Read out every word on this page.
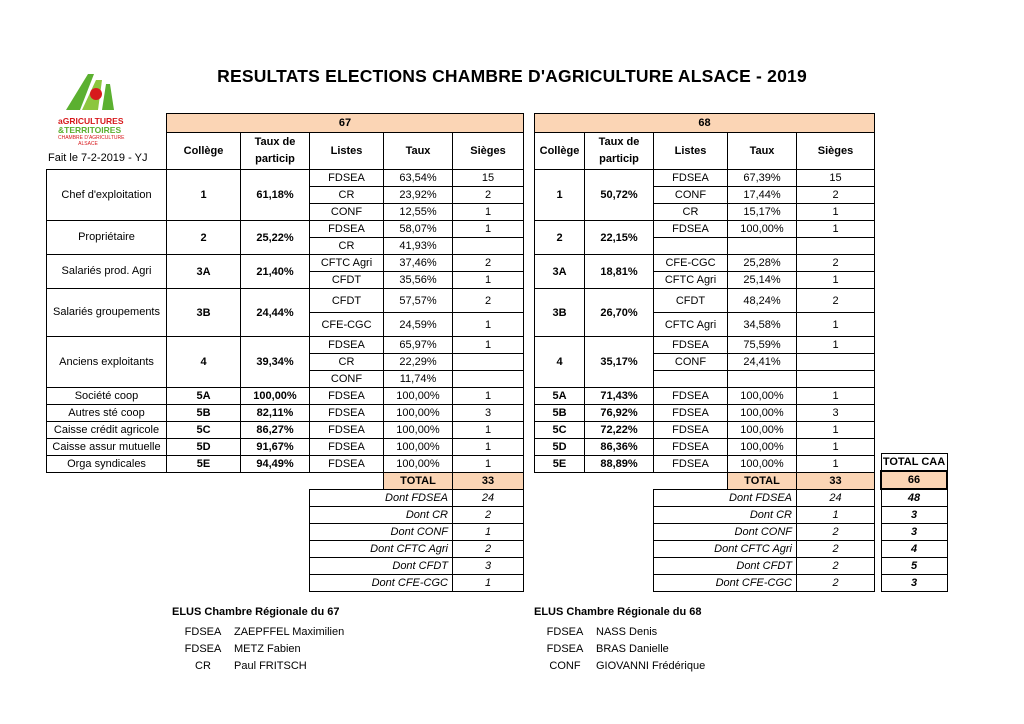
RESULTATS ELECTIONS CHAMBRE D'AGRICULTURE ALSACE - 2019
aGRICULTURES
&TERRITOIRES
CHAMBRE D'AGRICULTURE
ALSACE
Fait le 7-2-2019 - YJ
	67				
	Collège	Taux de particip	Listes	Taux	Sièges
Chef d'exploitation	1	61,18%	FDSEA	63,54%	15
			CR	23,92%	2
			CONF	12,55%	1
Propriétaire	2	25,22%	FDSEA	58,07%	1
			CR	41,93%	
Salariés prod. Agri	3A	21,40%	CFTC Agri	37,46%	2
			CFDT	35,56%	1
Salariés groupements	3B	24,44%	CFDT	57,57%	2
			CFE-CGC	24,59%	1
Anciens exploitants	4	39,34%	FDSEA	65,97%	1
			CR	22,29%	
			CONF	11,74%	
Société coop	5A	100,00%	FDSEA	100,00%	1
Autres sté coop	5B	82,11%	FDSEA	100,00%	3
Caisse crédit agricole	5C	86,27%	FDSEA	100,00%	1
Caisse assur mutuelle	5D	91,67%	FDSEA	100,00%	1
Orga syndicales	5E	94,49%	FDSEA	100,00%	1
				TOTAL	33
			Dont FDSEA		24
			Dont CR		2
			Dont CONF		1
			Dont CFTC Agri		2
			Dont CFDT		3
			Dont CFE-CGC		1
68				
Collège	Taux de particip	Listes	Taux	Sièges
1	50,72%	FDSEA	67,39%	15
		CONF	17,44%	2
		CR	15,17%	1
2	22,15%	FDSEA	100,00%	1

3A	18,81%	CFE-CGC	25,28%	2
		CFTC Agri	25,14%	1
3B	26,70%	CFDT	48,24%	2
		CFTC Agri	34,58%	1
4	35,17%	FDSEA	75,59%	1
		CONF	24,41%	

5A	71,43%	FDSEA	100,00%	1
5B	76,92%	FDSEA	100,00%	3
5C	72,22%	FDSEA	100,00%	1
5D	86,36%	FDSEA	100,00%	1
5E	88,89%	FDSEA	100,00%	1
			TOTAL	33
		Dont FDSEA		24
		Dont CR		1
		Dont CONF		2
		Dont CFTC Agri		2
		Dont CFDT		2
		Dont CFE-CGC		2
TOTAL CAA
66
48
3
3
4
5
3
ELUS Chambre Régionale du 67
FDSEA	ZAEPFFEL Maximilien
FDSEA	METZ Fabien
CR	Paul FRITSCH
ELUS Chambre Régionale du 68
FDSEA	NASS Denis
FDSEA	BRAS Danielle
CONF	GIOVANNI Frédérique
